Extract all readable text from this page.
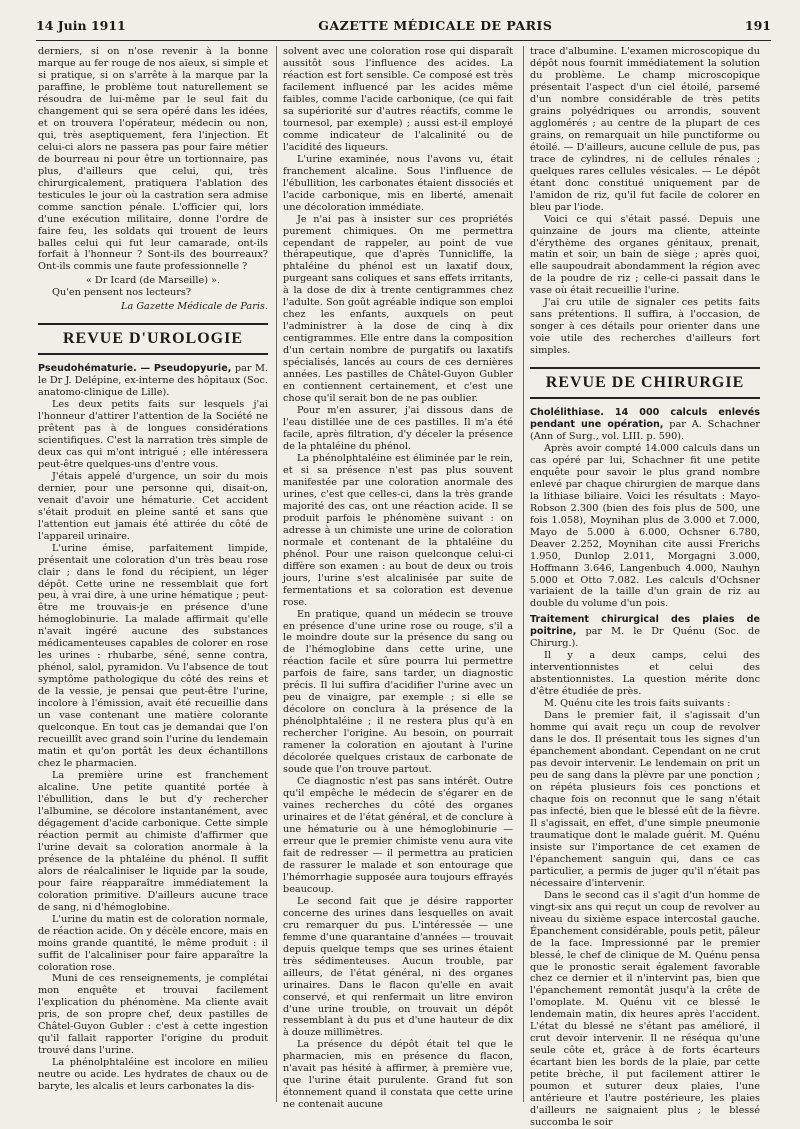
14 Juin 1911	GAZETTE MÉDICALE DE PARIS	191

derniers, si on n'ose revenir à la bonne marque au fer rouge de nos aïeux, si simple et si pratique, si on s'arrête à la marque par la paraffine, le problème tout naturellement se résoudra de lui-même par le seul fait du changement qui se sera opéré dans les idées, et on trouvera l'opérateur, médecin ou non, qui, très aseptiquement, fera l'injection. Et celui-ci alors ne passera pas pour faire métier de bourreau ni pour être un tortionnaire, pas plus, d'ailleurs que celui, qui, très chirurgicalement, pratiquera l'ablation des testicules le jour où la castration sera admise comme sanction pénale. L'officier qui, lors d'une exécution militaire, donne l'ordre de faire feu, les soldats qui trouent de leurs balles celui qui fut leur camarade, ont-ils forfait à l'honneur ? Sont-ils des bourreaux? Ont-ils commis une faute professionnelle ?

« Dr Icard (de Marseille) ».

Qu'en pensent nos lecteurs?

La Gazette Médicale de Paris.

REVUE D'UROLOGIE

Pseudohématurie. — Pseudopyurie, par M. le Dr J. Delépine, ex-interne des hôpitaux (Soc. anatomo-clinique de Lille).

Les deux petits faits sur lesquels j'ai l'honneur d'attirer l'attention de la Société ne prêtent pas à de longues considérations scientifiques. C'est la narration très simple de deux cas qui m'ont intrigué ; elle intéressera peut-être quelques-uns d'entre vous.

J'étais appelé d'urgence, un soir du mois dernier, pour une personne qui, disait-on, venait d'avoir une hématurie. Cet accident s'était produit en pleine santé et sans que l'attention eut jamais été attirée du côté de l'appareil urinaire.

L'urine émise, parfaitement limpide, présentait une coloration d'un très beau rose clair ; dans le fond du récipient, un léger dépôt. Cette urine ne ressemblait que fort peu, à vrai dire, à une urine hématique ; peut-être me trouvais-je en présence d'une hémoglobinurie. La malade affirmait qu'elle n'avait ingéré aucune des substances médicamenteuses capables de colorer en rose les urines : rhubarbe, séné, senne contra, phénol, salol, pyramidon. Vu l'absence de tout symptôme pathologique du côté des reins et de la vessie, je pensai que peut-être l'urine, incolore à l'émission, avait été recueillie dans un vase contenant une matière colorante quelconque. En tout cas je demandai que l'on recueillît avec grand soin l'urine du lendemain matin et qu'on portât les deux échantillons chez le pharmacien.

La première urine est franchement alcaline. Une petite quantité portée à l'ébullition, dans le but d'y rechercher l'albumine, se décolore instantanément, avec dégagement d'acide carbonique. Cette simple réaction permit au chimiste d'affirmer que l'urine devait sa coloration anormale à la présence de la phtaléine du phénol. Il suffit alors de réalcaliniser le liquide par la soude, pour faire réapparaître immédiatement la coloration primitive. D'ailleurs aucune trace de sang, ni d'hémoglobine.

L'urine du matin est de coloration normale, de réaction acide. On y décèle encore, mais en moins grande quantité, le même produit : il suffit de l'alcaliniser pour faire apparaître la coloration rose.

Muni de ces renseignements, je complétai mon enquête et trouvai facilement l'explication du phénomène. Ma cliente avait pris, de son propre chef, deux pastilles de Châtel-Guyon Gubler : c'est à cette ingestion qu'il fallait rapporter l'origine du produit trouvé dans l'urine.

La phénolphtaléine est incolore en milieu neutre ou acide. Les hydrates de chaux ou de baryte, les alcalis et leurs carbonates la dis-

solvent avec une coloration rose qui disparaît aussitôt sous l'influence des acides. La réaction est fort sensible. Ce composé est très facilement influencé par les acides même faibles, comme l'acide carbonique, (ce qui fait sa supériorité sur d'autres réactifs, comme le tournesol, par exemple) ; aussi est-il employé comme indicateur de l'alcalinité ou de l'acidité des liqueurs.

L'urine examinée, nous l'avons vu, était franchement alcaline. Sous l'influence de l'ébullition, les carbonates étaient dissociés et l'acide carbonique, mis en liberté, amenait une décoloration immédiate.

Je n'ai pas à insister sur ces propriétés purement chimiques. On me permettra cependant de rappeler, au point de vue thérapeutique, que d'après Tunnicliffe, la phtaléine du phénol est un laxatif doux, purgeant sans coliques et sans effets irritants, à la dose de dix à trente centigrammes chez l'adulte. Son goût agréable indique son emploi chez les enfants, auxquels on peut l'administrer à la dose de cinq à dix centigrammes. Elle entre dans la composition d'un certain nombre de purgatifs ou laxatifs spécialisés, lancés au cours de ces dernières années. Les pastilles de Châtel-Guyon Gubler en contiennent certainement, et c'est une chose qu'il serait bon de ne pas oublier.

Pour m'en assurer, j'ai dissous dans de l'eau distillée une de ces pastilles. Il m'a été facile, après filtration, d'y déceler la présence de la phtaléine du phénol.

La phénolphtaléine est éliminée par le rein, et si sa présence n'est pas plus souvent manifestée par une coloration anormale des urines, c'est que celles-ci, dans la très grande majorité des cas, ont une réaction acide. Il se produit parfois le phénomène suivant : on adresse à un chimiste une urine de coloration normale et contenant de la phtaléine du phénol. Pour une raison quelconque celui-ci diffère son examen : au bout de deux ou trois jours, l'urine s'est alcalinisée par suite de fermentations et sa coloration est devenue rose.

En pratique, quand un médecin se trouve en présence d'une urine rose ou rouge, s'il a le moindre doute sur la présence du sang ou de l'hémoglobine dans cette urine, une réaction facile et sûre pourra lui permettre parfois de faire, sans tarder, un diagnostic précis. Il lui suffira d'acidifier l'urine avec un peu de vinaigre, par exemple ; si elle se décolore on conclura à la présence de la phénolphtaléine ; il ne restera plus qu'à en rechercher l'origine. Au besoin, on pourrait ramener la coloration en ajoutant à l'urine décolorée quelques cristaux de carbonate de soude que l'on trouve partout.

Ce diagnostic n'est pas sans intérêt. Outre qu'il empêche le médecin de s'égarer en de vaines recherches du côté des organes urinaires et de l'état général, et de conclure à une hématurie ou à une hémoglobinurie — erreur que le premier chimiste venu aura vite fait de redresser — il permettra au praticien de rassurer le malade et son entourage que l'hémorrhagie supposée aura toujours effrayés beaucoup.

Le second fait que je désire rapporter concerne des urines dans lesquelles on avait cru remarquer du pus. L'intéressée — une femme d'une quarantaine d'années — trouvait depuis quelque temps que ses urines étaient très sédimenteuses. Aucun trouble, par ailleurs, de l'état général, ni des organes urinaires. Dans le flacon qu'elle en avait conservé, et qui renfermait un litre environ d'une urine trouble, on trouvait un dépôt ressemblant à du pus et d'une hauteur de dix à douze millimètres.

La présence du dépôt était tel que le pharmacien, mis en présence du flacon, n'avait pas hésité à affirmer, à première vue, que l'urine était purulente. Grand fut son étonnement quand il constata que cette urine ne contenait aucune

trace d'albumine. L'examen microscopique du dépôt nous fournit immédiatement la solution du problème. Le champ microscopique présentait l'aspect d'un ciel étoilé, parsemé d'un nombre considérable de très petits grains polyédriques ou arrondis, souvent agglomérés ; au centre de la plupart de ces grains, on remarquait un hile punctiforme ou étoilé. — D'ailleurs, aucune cellule de pus, pas trace de cylindres, ni de cellules rénales ; quelques rares cellules vésicales. — Le dépôt étant donc constitué uniquement par de l'amidon de riz, qu'il fut facile de colorer en bleu par l'iode.

Voici ce qui s'était passé. Depuis une quinzaine de jours ma cliente, atteinte d'érythème des organes génitaux, prenait, matin et soir, un bain de siège ; après quoi, elle saupoudrait abondamment la région avec de la poudre de riz ; celle-ci passait dans le vase où était recueillie l'urine.

J'ai cru utile de signaler ces petits faits sans prétentions. Il suffira, à l'occasion, de songer à ces détails pour orienter dans une voie utile des recherches d'ailleurs fort simples.

REVUE DE CHIRURGIE

Cholélithiase. 14 000 calculs enlevés pendant une opération, par A. Schachner (Ann of Surg., vol. LIII. p. 590).

Après avoir compté 14.000 calculs dans un cas opéré par lui, Schachner fit une petite enquête pour savoir le plus grand nombre enlevé par chaque chirurgien de marque dans la lithiase biliaire. Voici les résultats : Mayo-Robson 2.300 (bien des fois plus de 500, une fois 1.058), Moynihan plus de 3.000 et 7.000, Mayo de 5.000 à 6.000, Ochsner 6.780, Deaver 2.252, Moynihan cite aussi Frerichs 1.950, Dunlop 2.011, Morgagni 3.000, Hoffmann 3.646, Langenbuch 4.000, Nauhyn 5.000 et Otto 7.082. Les calculs d'Ochsner variaient de la taille d'un grain de riz au double du volume d'un pois.

Traitement chirurgical des plaies de poitrine, par M. le Dr Quénu (Soc. de Chirurg.).

Il y a deux camps, celui des interventionnistes et celui des abstentionnistes. La question mérite donc d'être étudiée de près.

M. Quénu cite les trois faits suivants :

Dans le premier fait, il s'agissait d'un homme qui avait reçu un coup de revolver dans le dos. Il présentait tous les signes d'un épanchement abondant. Cependant on ne crut pas devoir intervenir. Le lendemain on prit un peu de sang dans la plèvre par une ponction ; on répéta plusieurs fois ces ponctions et chaque fois on reconnut que le sang n'était pas infecté, bien que le blessé eût de la fièvre. Il s'agissait, en effet, d'une simple pneumonie traumatique dont le malade guérit. M. Quénu insiste sur l'importance de cet examen de l'épanchement sanguin qui, dans ce cas particulier, a permis de juger qu'il n'était pas nécessaire d'intervenir.

Dans le second cas il s'agit d'un homme de vingt-six ans qui reçut un coup de revolver au niveau du sixième espace intercostal gauche. Épanchement considérable, pouls petit, pâleur de la face. Impressionné par le premier blessé, le chef de clinique de M. Quénu pensa que le pronostic serait également favorable chez ce dernier et il n'intervint pas, bien que l'épanchement remontât jusqu'à la crête de l'omoplate. M. Quénu vit ce blessé le lendemain matin, dix heures après l'accident. L'état du blessé ne s'étant pas amélioré, il crut devoir intervenir. Il ne réséqua qu'une seule côte et, grâce à de forts écarteurs écartant bien les bords de la plaie, par cette petite brèche, il put facilement attirer le poumon et suturer deux plaies, l'une antérieure et l'autre postérieure, les plaies d'ailleurs ne saignaient plus ; le blessé succomba le soir
